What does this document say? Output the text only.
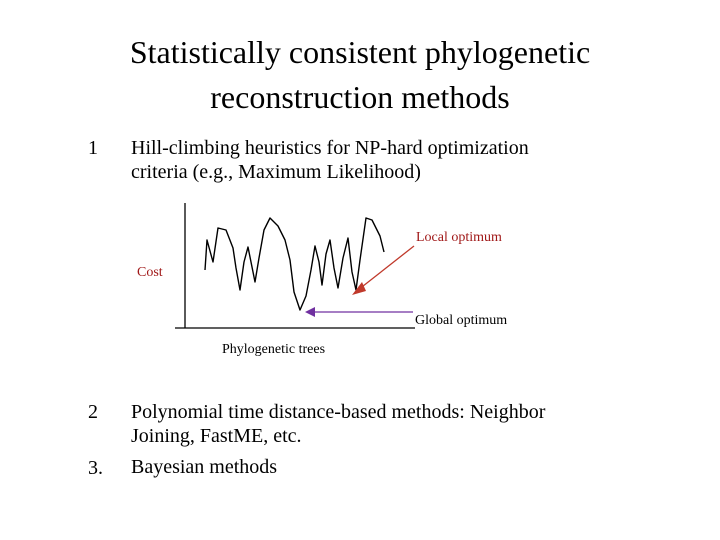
Statistically consistent phylogenetic
reconstruction methods
1 Hill-climbing heuristics for NP-hard optimization
criteria (e.g., Maximum Likelihood)
Local optimum
Cost
Global optimum
Phylogenetic trees
2 Polynomial time distance-based methods: Neighbor
Joining, FastME, etc.
3. Bayesian methods
